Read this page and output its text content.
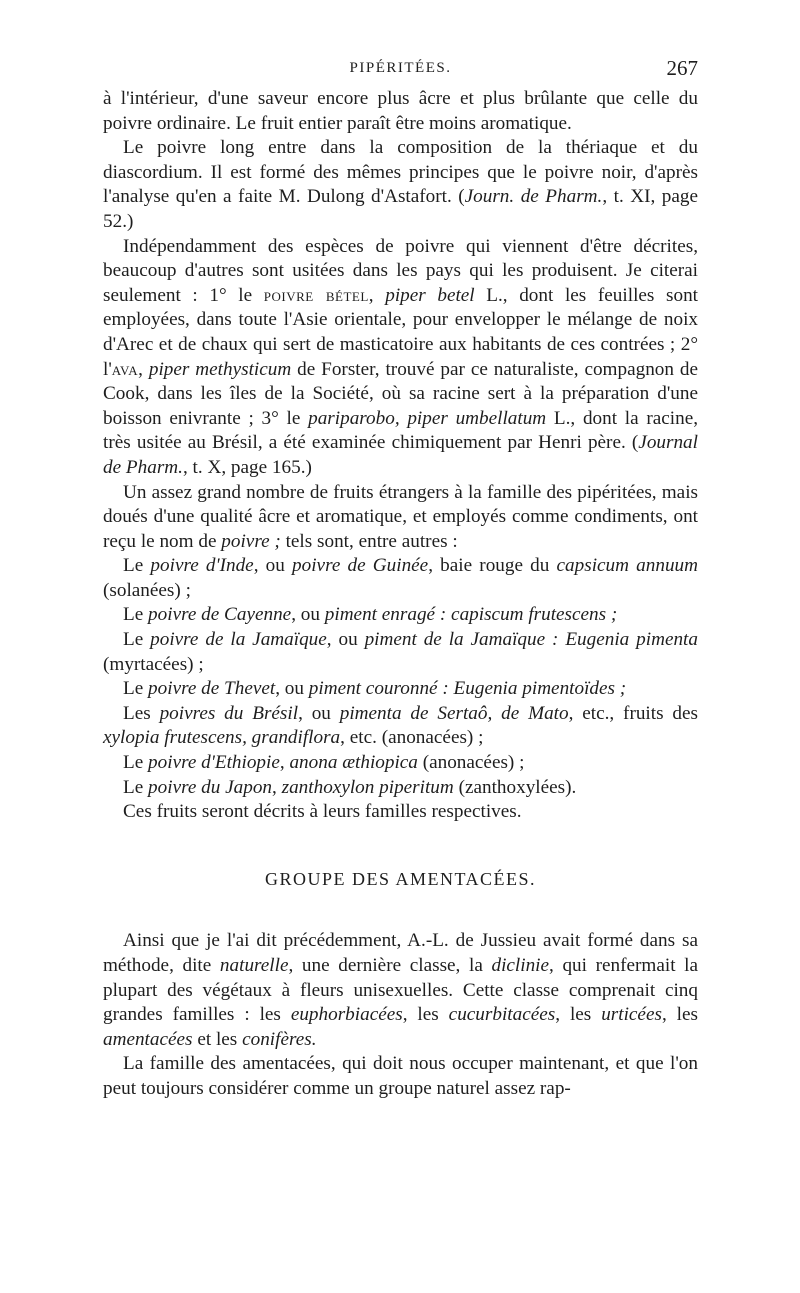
PIPÉRITÉES.	267

à l'intérieur, d'une saveur encore plus âcre et plus brûlante que celle du poivre ordinaire. Le fruit entier paraît être moins aromatique.

Le poivre long entre dans la composition de la thériaque et du diascordium. Il est formé des mêmes principes que le poivre noir, d'après l'analyse qu'en a faite M. Dulong d'Astafort. (Journ. de Pharm., t. XI, page 52.)

Indépendamment des espèces de poivre qui viennent d'être décrites, beaucoup d'autres sont usitées dans les pays qui les produisent. Je citerai seulement : 1° le poivre bétel, piper betel L., dont les feuilles sont employées, dans toute l'Asie orientale, pour envelopper le mélange de noix d'Arec et de chaux qui sert de masticatoire aux habitants de ces contrées ; 2° l'ava, piper methysticum de Forster, trouvé par ce naturaliste, compagnon de Cook, dans les îles de la Société, où sa racine sert à la préparation d'une boisson enivrante ; 3° le pariparobo, piper umbellatum L., dont la racine, très usitée au Brésil, a été examinée chimiquement par Henri père. (Journal de Pharm., t. X, page 165.)

Un assez grand nombre de fruits étrangers à la famille des pipéritées, mais doués d'une qualité âcre et aromatique, et employés comme condiments, ont reçu le nom de poivre ; tels sont, entre autres :

Le poivre d'Inde, ou poivre de Guinée, baie rouge du capsicum annuum (solanées) ;

Le poivre de Cayenne, ou piment enragé : capiscum frutescens ;

Le poivre de la Jamaïque, ou piment de la Jamaïque : Eugenia pimenta (myrtacées) ;

Le poivre de Thevet, ou piment couronné : Eugenia pimentoïdes ;

Les poivres du Brésil, ou pimenta de Sertaô, de Mato, etc., fruits des xylopia frutescens, grandiflora, etc. (anonacées) ;

Le poivre d'Ethiopie, anona æthiopica (anonacées) ;

Le poivre du Japon, zanthoxylon piperitum (zanthoxylées).

Ces fruits seront décrits à leurs familles respectives.

GROUPE DES AMENTACÉES.

Ainsi que je l'ai dit précédemment, A.-L. de Jussieu avait formé dans sa méthode, dite naturelle, une dernière classe, la diclinie, qui renfermait la plupart des végétaux à fleurs unisexuelles. Cette classe comprenait cinq grandes familles : les euphorbiacées, les cucurbitacées, les urticées, les amentacées et les conifères.

La famille des amentacées, qui doit nous occuper maintenant, et que l'on peut toujours considérer comme un groupe naturel assez rap-
